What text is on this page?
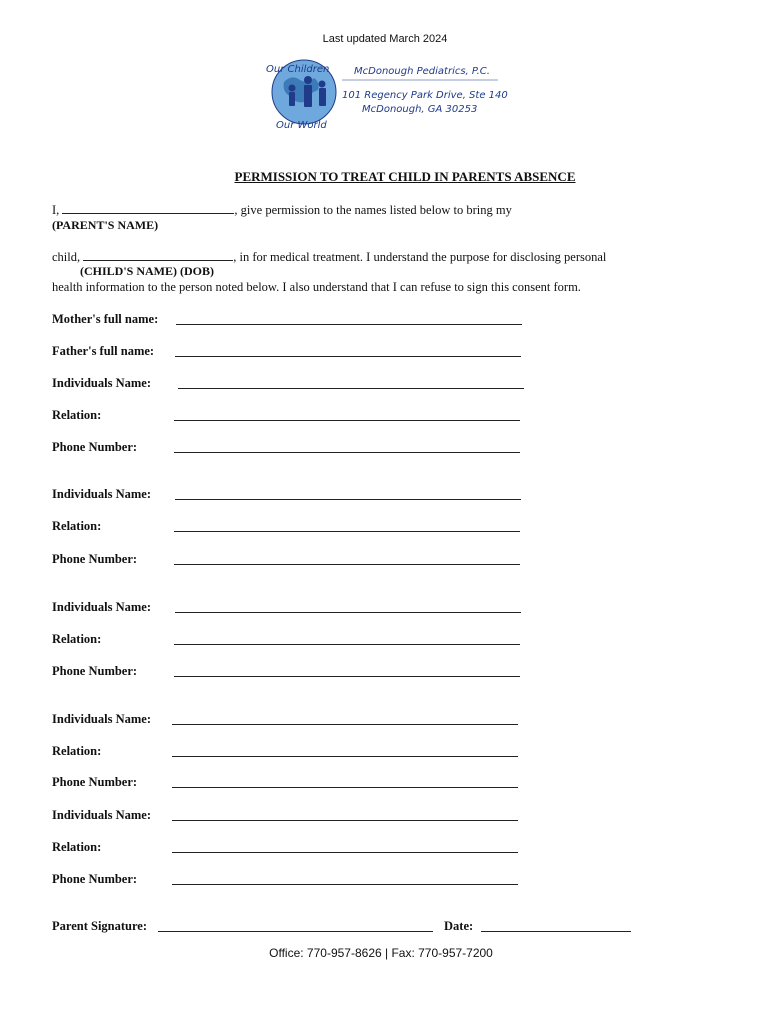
Last updated March 2024
Our Children
Our World
McDonough Pediatrics, P.C.
101 Regency Park Drive, Ste 140
McDonough, GA 30253
PERMISSION TO TREAT CHILD IN PARENTS ABSENCE
I,	, give permission to the names listed below to bring my
(PARENT'S NAME)
child,	, in for medical treatment. I understand the purpose for disclosing personal
(CHILD'S NAME) (DOB)
health information to the person noted below. I also understand that I can refuse to sign this consent form.
Mother's full name:
Father's full name:
Individuals Name:
Relation:
Phone Number:
Individuals Name:
Relation:
Phone Number:
Individuals Name:
Relation:
Phone Number:
Individuals Name:
Relation:
Phone Number:
Individuals Name:
Relation:
Phone Number:
Parent Signature:	Date:
Office: 770-957-8626 | Fax: 770-957-7200
